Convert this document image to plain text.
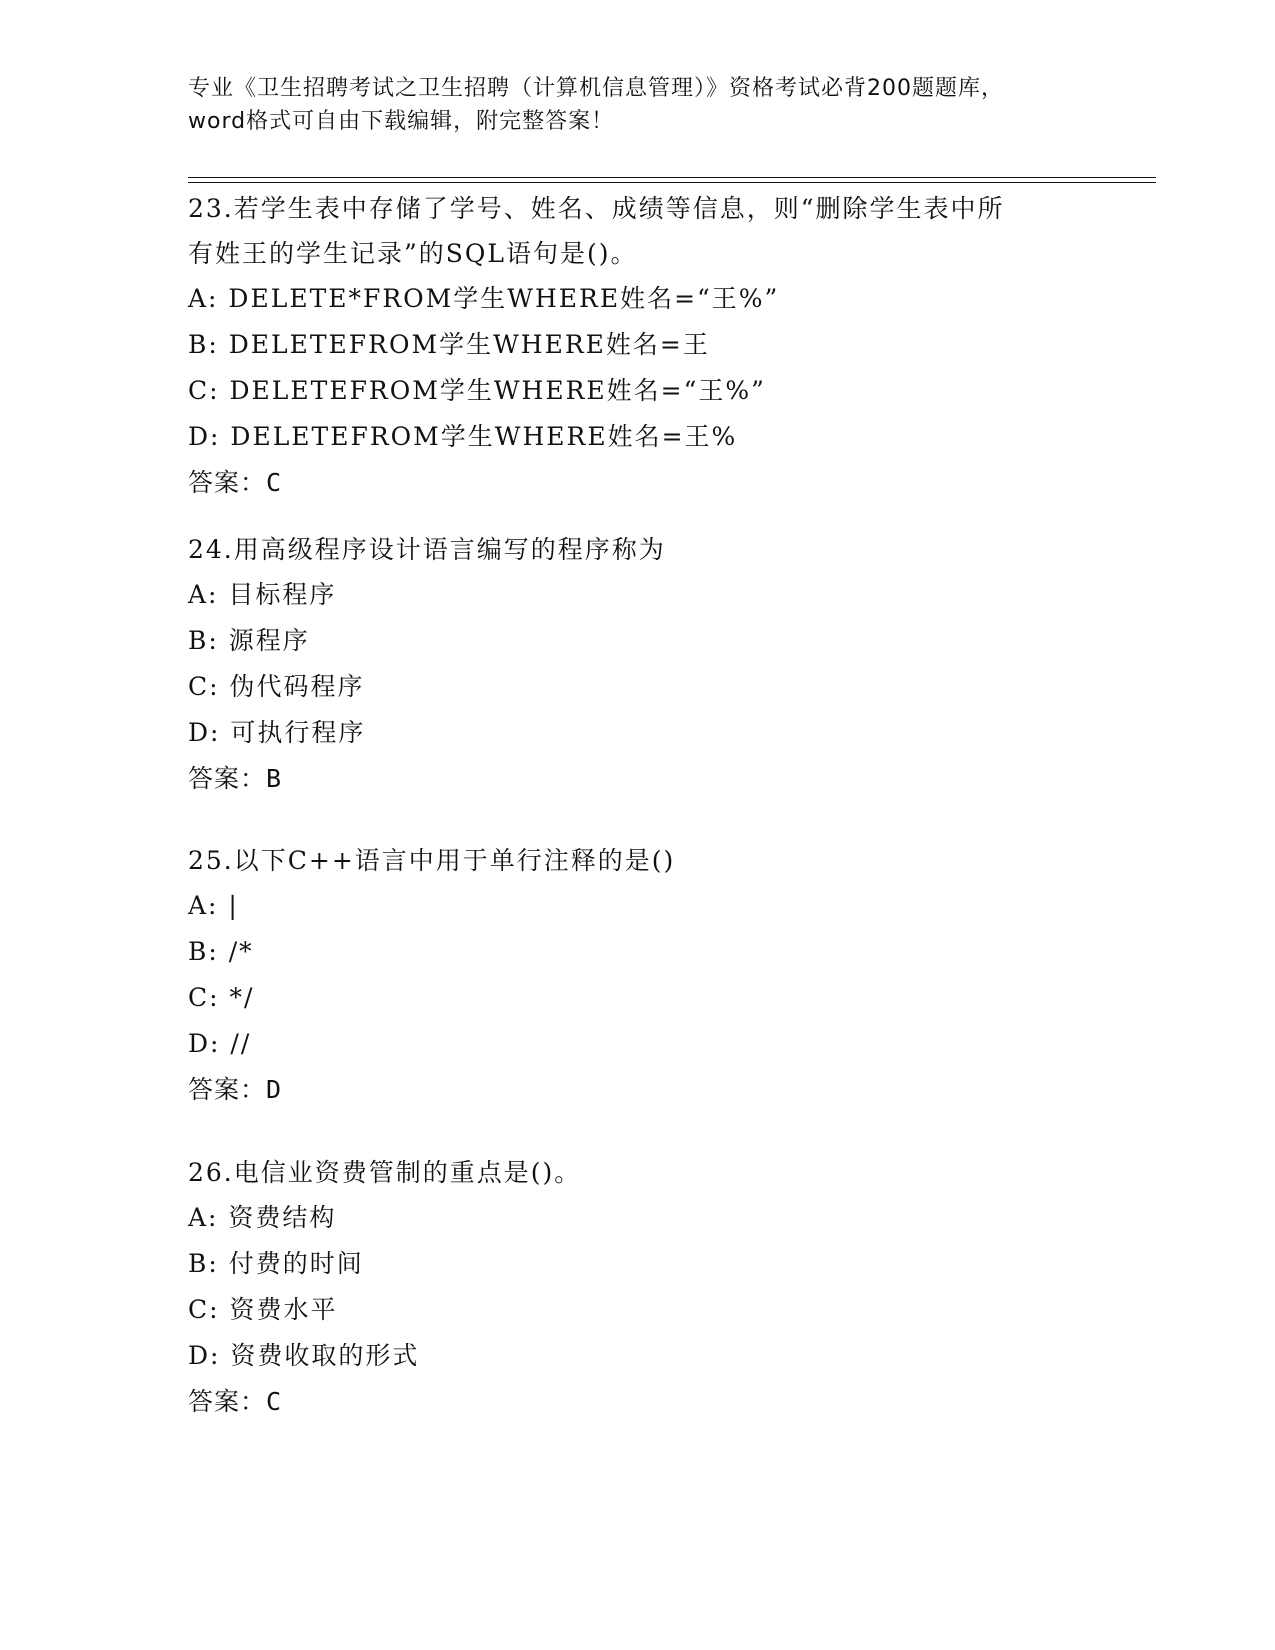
专业《卫生招聘考试之卫生招聘（计算机信息管理）》资格考试必背200题题库，
word格式可自由下载编辑，附完整答案！

23.若学生表中存储了学号、姓名、成绩等信息，则“删除学生表中所

有姓王的学生记录”的SQL语句是()。

A: DELETE*FROM学生WHERE姓名=“王%”

B: DELETEFROM学生WHERE姓名=王

C: DELETEFROM学生WHERE姓名=“王%”

D: DELETEFROM学生WHERE姓名=王%

答案：C

24.用高级程序设计语言编写的程序称为

A: 目标程序

B: 源程序

C: 伪代码程序

D: 可执行程序

答案：B

25.以下C++语言中用于单行注释的是()

A: |

B: /*

C: */

D: //

答案：D

26.电信业资费管制的重点是()。

A: 资费结构

B: 付费的时间

C: 资费水平

D: 资费收取的形式

答案：C
